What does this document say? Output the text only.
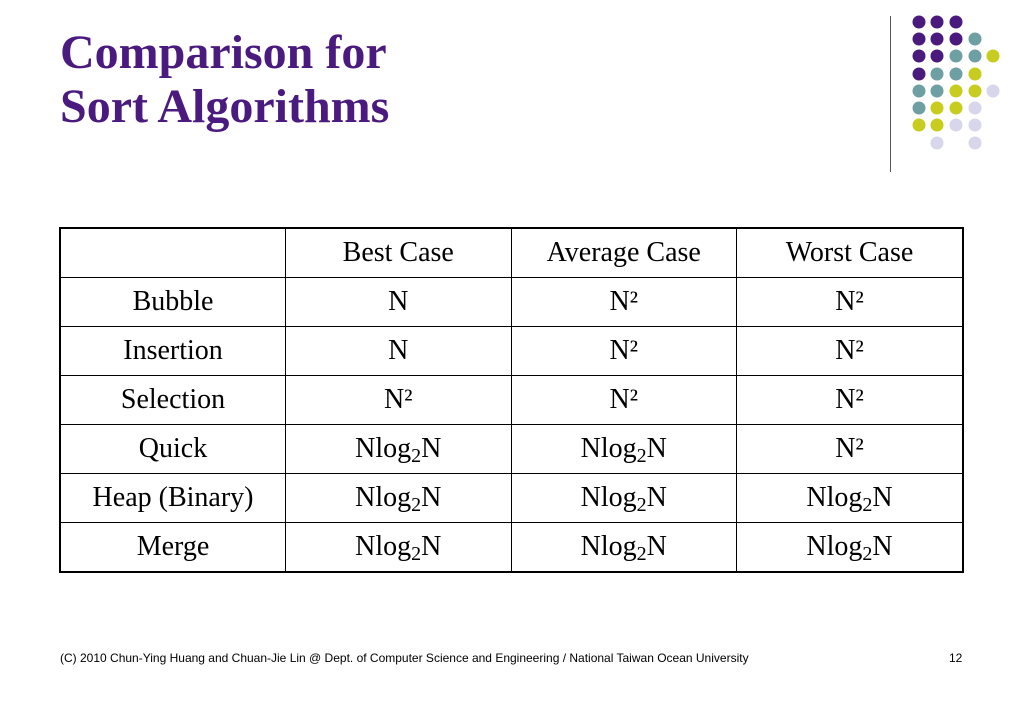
Comparison for
Sort Algorithms
	Best Case	Average Case	Worst Case
Bubble	N	N²	N²
Insertion	N	N²	N²
Selection	N²	N²	N²
Quick	Nlog$_2$N	Nlog$_2$N	N²
Heap (Binary)	Nlog$_2$N	Nlog$_2$N	Nlog$_2$N
Merge	Nlog$_2$N	Nlog$_2$N	Nlog$_2$N
(C) 2010 Chun-Ying Huang and Chuan-Jie Lin @ Dept. of Computer Science and Engineering / National Taiwan Ocean University	12
